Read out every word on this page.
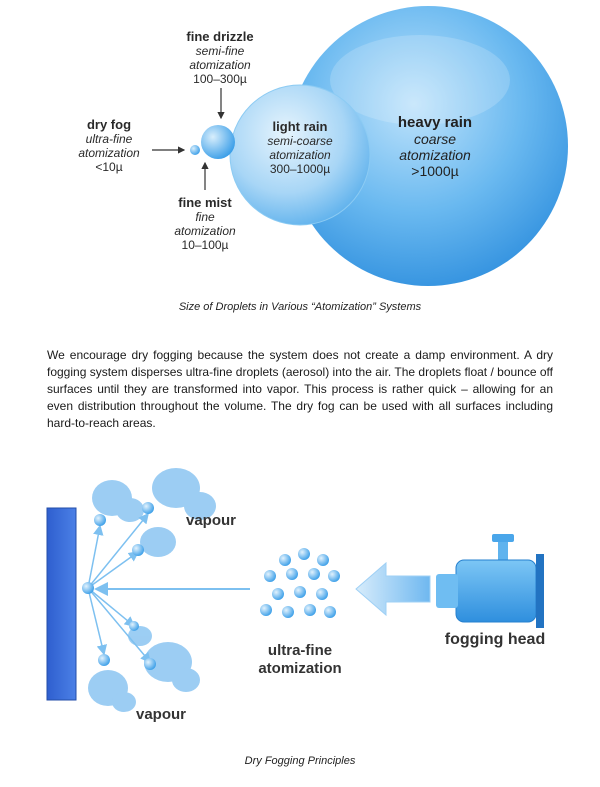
fine drizzle
semi-fine
atomization
100–300µ
dry fog
ultra-fine
atomization
<10µ
fine mist
fine
atomization
10–100µ
light rain
semi-coarse
atomization
300–1000µ
heavy rain
coarse
atomization
>1000µ
Size of Droplets in Various “Atomization” Systems
We encourage dry fogging because the system does not create a damp environment. A dry fogging system disperses ultra-fine droplets (aerosol) into the air. The droplets float / bounce off surfaces until they are transformed into vapor. This process is rather quick – allowing for an even distribution throughout the volume. The dry fog can be used with all surfaces including hard-to-reach areas.
vapour
vapour
ultra-fine
atomization
fogging head
Dry Fogging Principles
